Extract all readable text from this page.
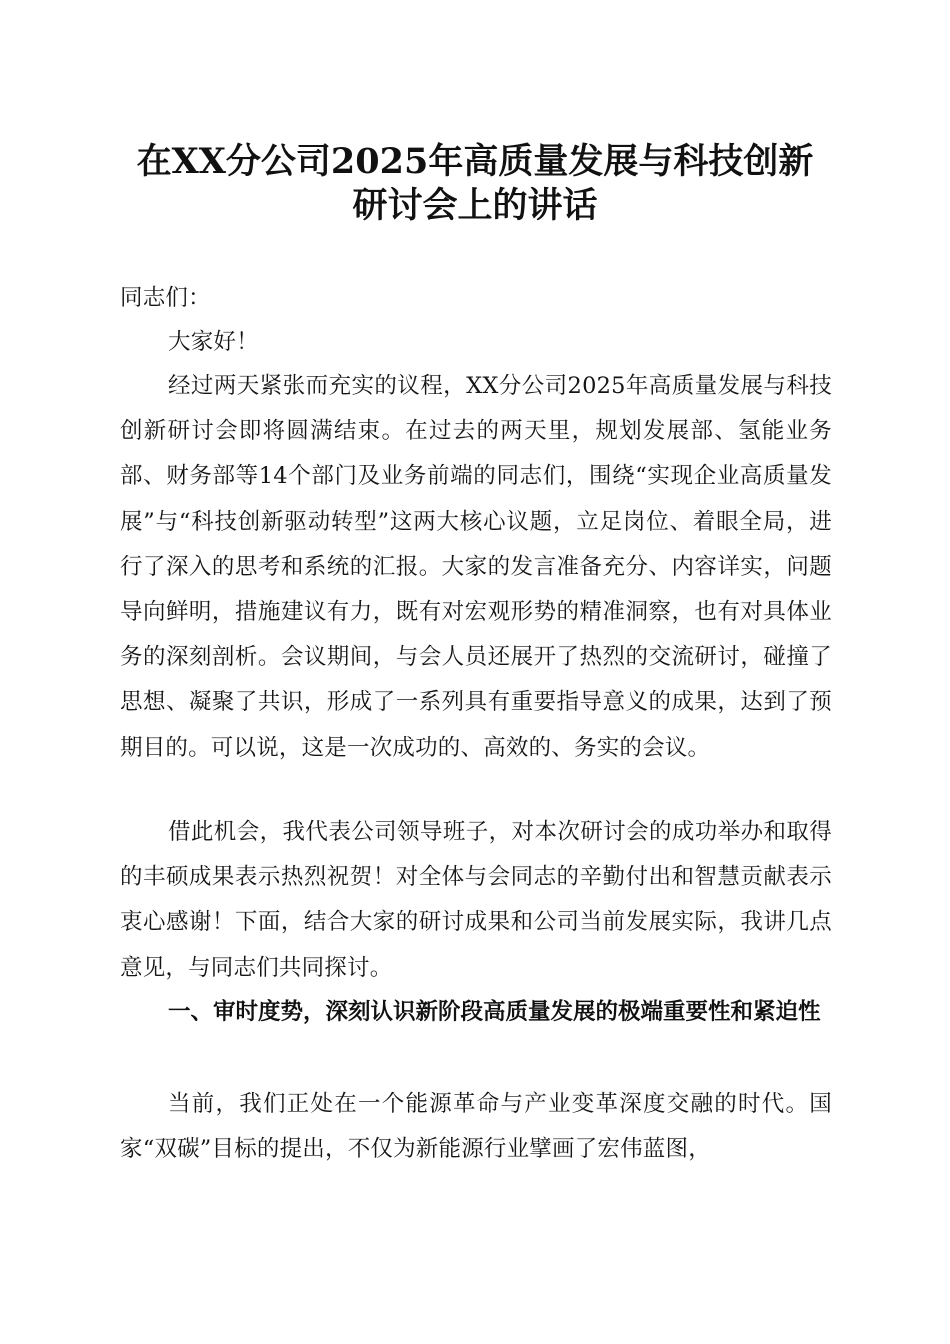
在XX分公司2025年高质量发展与科技创新
研讨会上的讲话

同志们：

大家好！

经过两天紧张而充实的议程，XX分公司2025年高质量发展与科技创新研讨会即将圆满结束。在过去的两天里，规划发展部、氢能业务部、财务部等14个部门及业务前端的同志们，围绕“实现企业高质量发展”与“科技创新驱动转型”这两大核心议题，立足岗位、着眼全局，进行了深入的思考和系统的汇报。大家的发言准备充分、内容详实，问题导向鲜明，措施建议有力，既有对宏观形势的精准洞察，也有对具体业务的深刻剖析。会议期间，与会人员还展开了热烈的交流研讨，碰撞了思想、凝聚了共识，形成了一系列具有重要指导意义的成果，达到了预期目的。可以说，这是一次成功的、高效的、务实的会议。

借此机会，我代表公司领导班子，对本次研讨会的成功举办和取得的丰硕成果表示热烈祝贺！对全体与会同志的辛勤付出和智慧贡献表示衷心感谢！下面，结合大家的研讨成果和公司当前发展实际，我讲几点意见，与同志们共同探讨。

一、审时度势，深刻认识新阶段高质量发展的极端重要性和紧迫性

当前，我们正处在一个能源革命与产业变革深度交融的时代。国家“双碳”目标的提出，不仅为新能源行业擘画了宏伟蓝图，
